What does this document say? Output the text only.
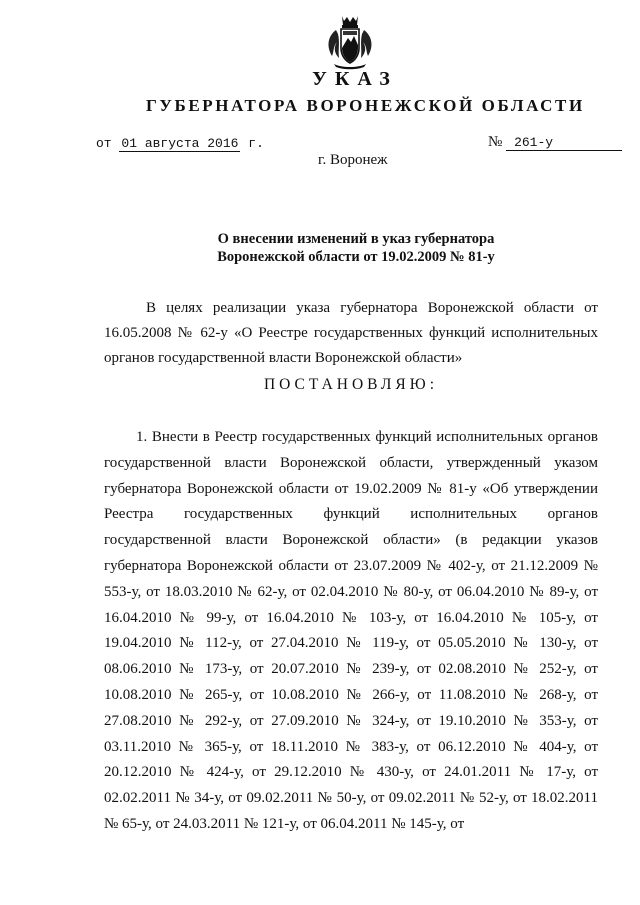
УКАЗ
ГУБЕРНАТОРА ВОРОНЕЖСКОЙ ОБЛАСТИ
от 01 августа 2016 г.	№ 261-у
г. Воронеж
О внесении изменений в указ губернатора
Воронежской области от 19.02.2009 № 81-у

В целях реализации указа губернатора Воронежской области от 16.05.2008 № 62-у «О Реестре государственных функций исполнительных органов государственной власти Воронежской области»

ПОСТАНОВЛЯЮ:

1. Внести в Реестр государственных функций исполнительных органов государственной власти Воронежской области, утвержденный указом губернатора Воронежской области от 19.02.2009 № 81-у «Об утверждении Реестра государственных функций исполнительных органов государственной власти Воронежской области» (в редакции указов губернатора Воронежской области от 23.07.2009 № 402-у, от 21.12.2009 № 553-у, от 18.03.2010 № 62-у, от 02.04.2010 № 80-у, от 06.04.2010 № 89-у, от 16.04.2010 № 99-у, от 16.04.2010 № 103-у, от 16.04.2010 № 105-у, от 19.04.2010 № 112-у, от 27.04.2010 № 119-у, от 05.05.2010 № 130-у, от 08.06.2010 № 173-у, от 20.07.2010 № 239-у, от 02.08.2010 № 252-у, от 10.08.2010 № 265-у, от 10.08.2010 № 266-у, от 11.08.2010 № 268-у, от 27.08.2010 № 292-у, от 27.09.2010 № 324-у, от 19.10.2010 № 353-у, от 03.11.2010 № 365-у, от 18.11.2010 № 383-у, от 06.12.2010 № 404-у, от 20.12.2010 № 424-у, от 29.12.2010 № 430-у, от 24.01.2011 № 17-у, от 02.02.2011 № 34-у, от 09.02.2011 № 50-у, от 09.02.2011 № 52-у, от 18.02.2011 № 65-у, от 24.03.2011 № 121-у, от 06.04.2011 № 145-у, от
